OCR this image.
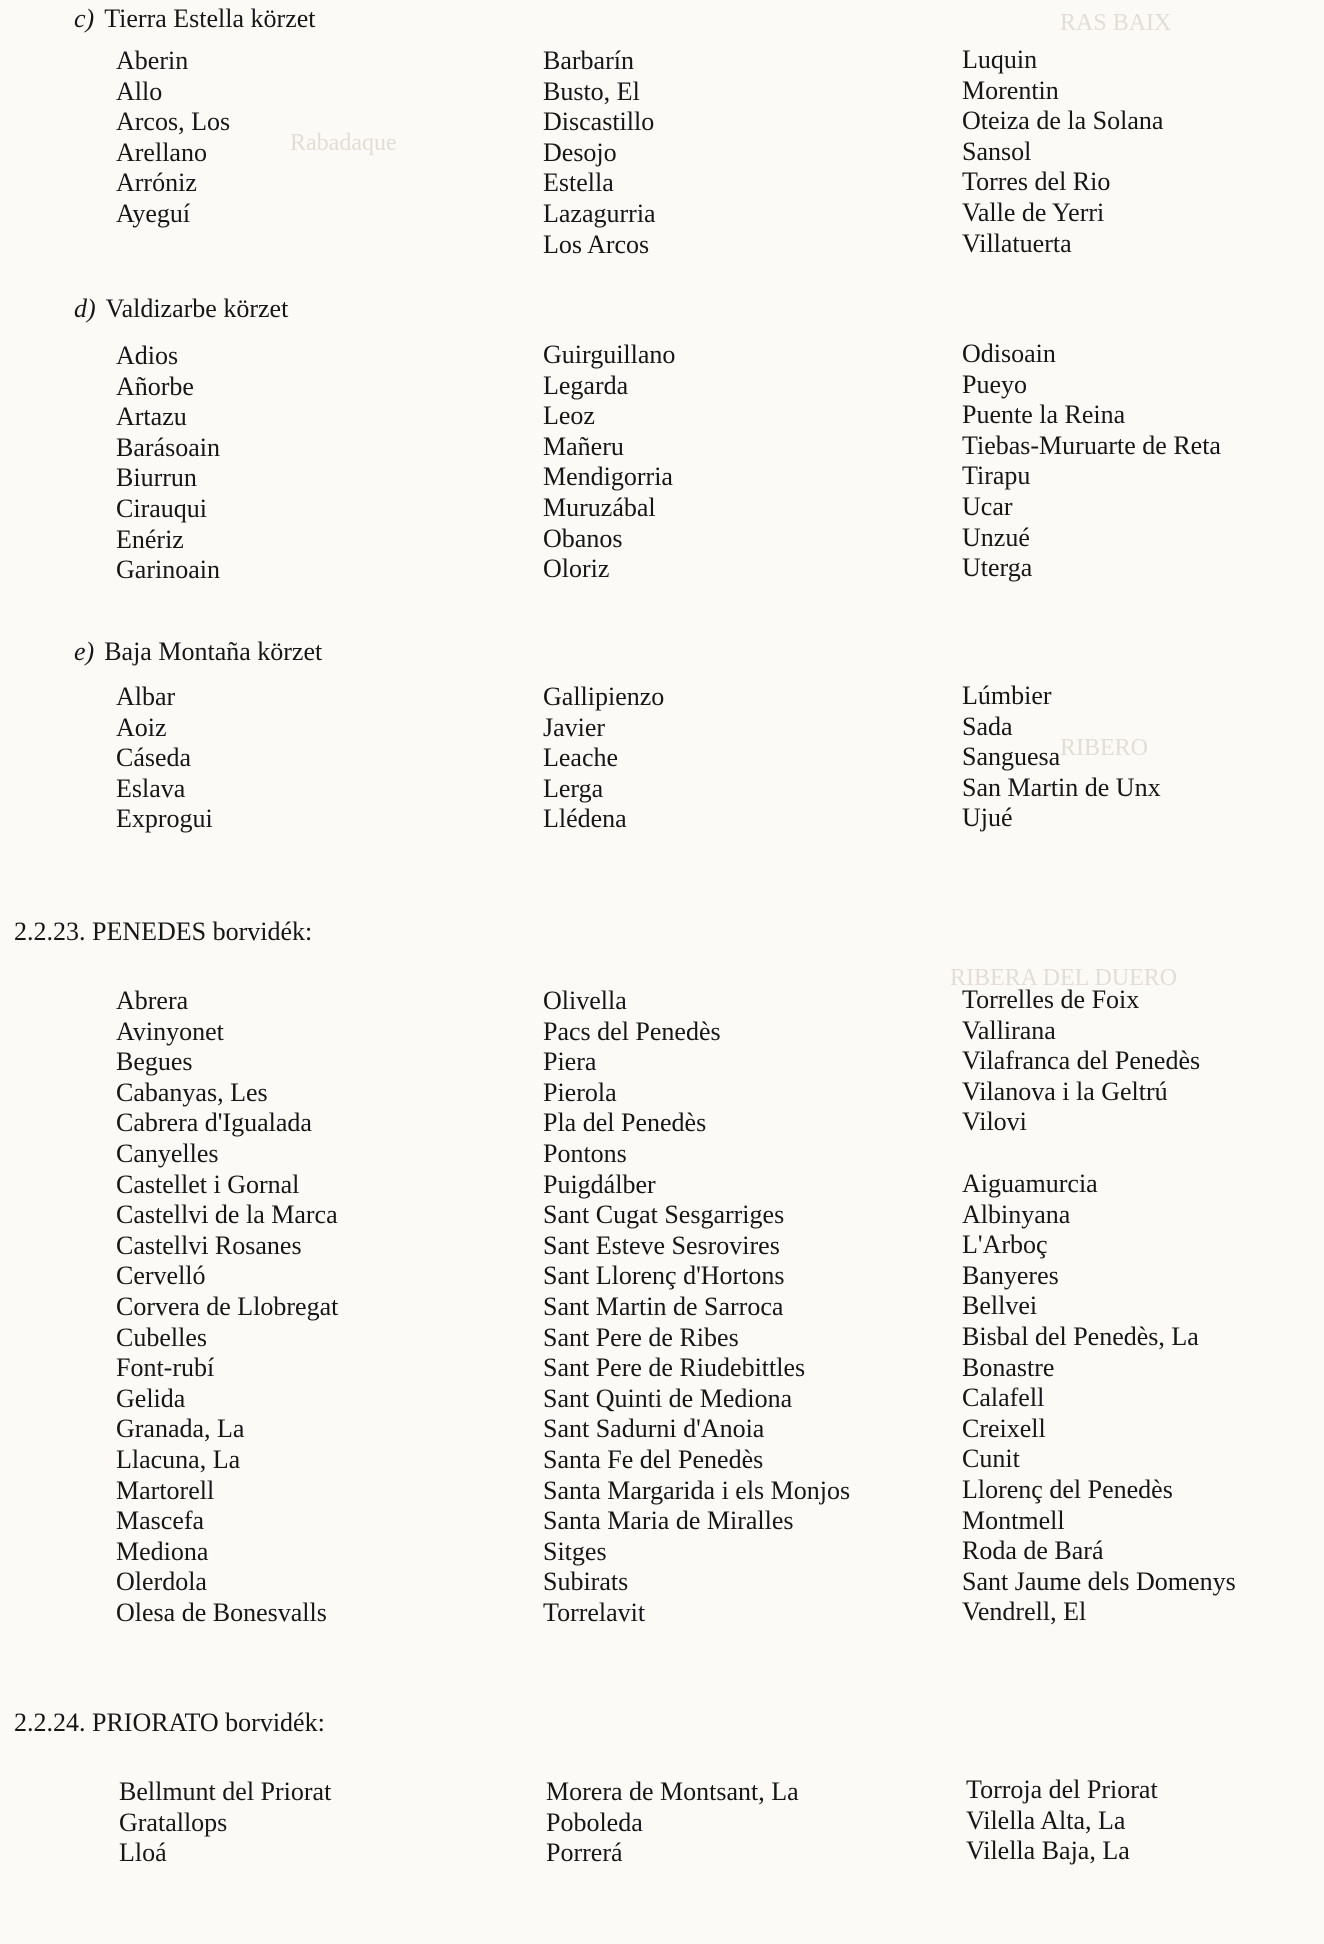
RAS BAIX
Rabadaque
RIBERO
RIBERA DEL DUERO
c) Tierra Estella körzet
Aberin
Allo
Arcos, Los
Arellano
Arróniz
Ayeguí
Barbarín
Busto, El
Discastillo
Desojo
Estella
Lazagurria
Los Arcos
Luquin
Morentin
Oteiza de la Solana
Sansol
Torres del Rio
Valle de Yerri
Villatuerta
d) Valdizarbe körzet
Adios
Añorbe
Artazu
Barásoain
Biurrun
Cirauqui
Enériz
Garinoain
Guirguillano
Legarda
Leoz
Mañeru
Mendigorria
Muruzábal
Obanos
Oloriz
Odisoain
Pueyo
Puente la Reina
Tiebas-Muruarte de Reta
Tirapu
Ucar
Unzué
Uterga
e) Baja Montaña körzet
Albar
Aoiz
Cáseda
Eslava
Exprogui
Gallipienzo
Javier
Leache
Lerga
Llédena
Lúmbier
Sada
Sanguesa
San Martin de Unx
Ujué
2.2.23. PENEDES borvidék:
Abrera
Avinyonet
Begues
Cabanyas, Les
Cabrera d'Igualada
Canyelles
Castellet i Gornal
Castellvi de la Marca
Castellvi Rosanes
Cervelló
Corvera de Llobregat
Cubelles
Font-rubí
Gelida
Granada, La
Llacuna, La
Martorell
Mascefa
Mediona
Olerdola
Olesa de Bonesvalls
Olivella
Pacs del Penedès
Piera
Pierola
Pla del Penedès
Pontons
Puigdálber
Sant Cugat Sesgarriges
Sant Esteve Sesrovires
Sant Llorenç d'Hortons
Sant Martin de Sarroca
Sant Pere de Ribes
Sant Pere de Riudebittles
Sant Quinti de Mediona
Sant Sadurni d'Anoia
Santa Fe del Penedès
Santa Margarida i els Monjos
Santa Maria de Miralles
Sitges
Subirats
Torrelavit
Torrelles de Foix
Vallirana
Vilafranca del Penedès
Vilanova i la Geltrú
Vilovi
Aiguamurcia
Albinyana
L'Arboç
Banyeres
Bellvei
Bisbal del Penedès, La
Bonastre
Calafell
Creixell
Cunit
Llorenç del Penedès
Montmell
Roda de Bará
Sant Jaume dels Domenys
Vendrell, El
2.2.24. PRIORATO borvidék:
Bellmunt del Priorat
Gratallops
Lloá
Morera de Montsant, La
Poboleda
Porrerá
Torroja del Priorat
Vilella Alta, La
Vilella Baja, La
